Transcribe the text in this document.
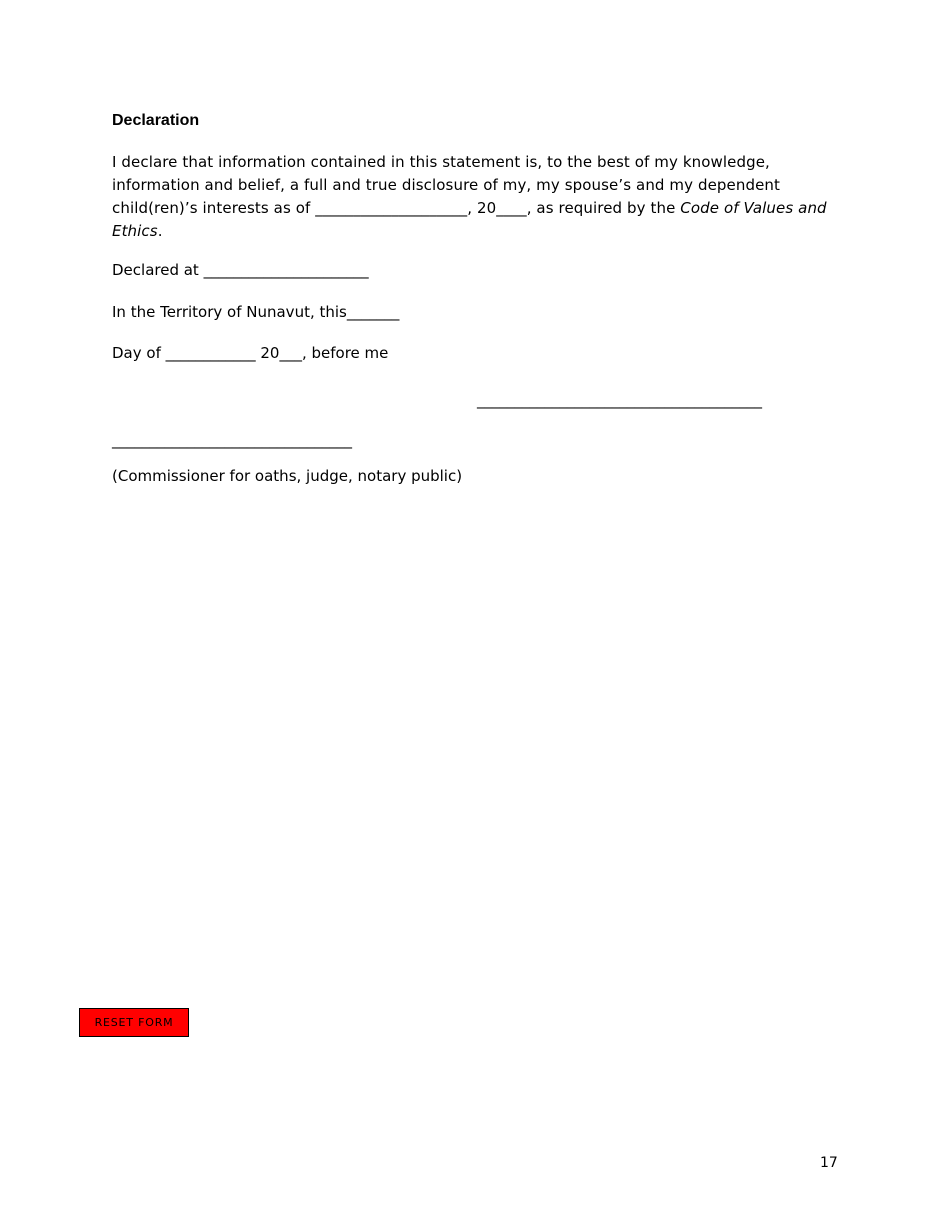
Declaration
I declare that information contained in this statement is, to the best of my knowledge, information and belief, a full and true disclosure of my, my spouse’s and my dependent child(ren)’s interests as of ____________________, 20____, as required by the Code of Values and Ethics.
Declared at ______________________
In the Territory of Nunavut, this_______
Day of ____________ 20___, before me
______________________________________
________________________________
(Commissioner for oaths, judge, notary public)
RESET FORM
17
